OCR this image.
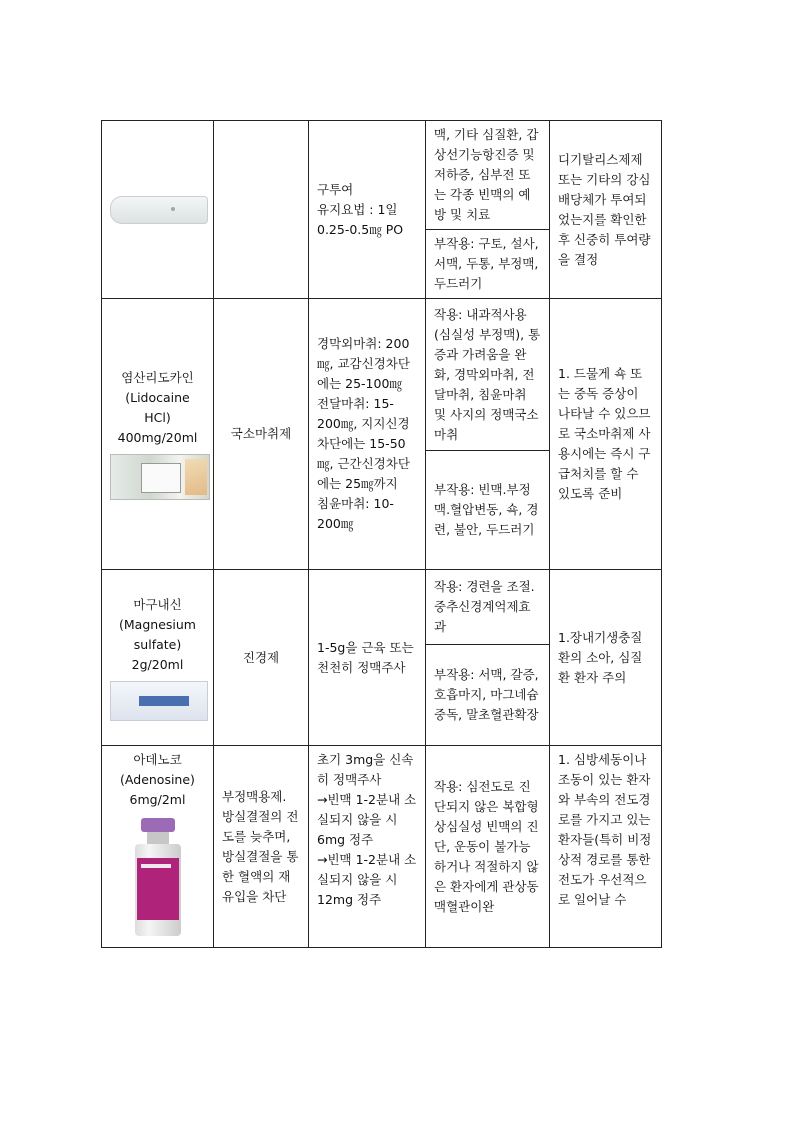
		구투여
유지요법 : 1일 0.25-0.5㎎ PO	맥, 기타 심질환, 갑상선기능항진증 및 저하증, 심부전 또는 각종 빈맥의 예방 및 치료	디기탈리스제제 또는 기타의 강심배당체가 투여되었는지를 확인한 후 신중히 투여량을 결정
			부작용: 구토, 설사, 서맥, 두통, 부정맥, 두드러기	

염산리도카인
(Lidocaine
HCl)
400mg/20ml	국소마취제	경막외마취: 200㎎, 교감신경차단에는 25-100㎎
전달마취: 15-200㎎, 지지신경차단에는 15-50㎎, 근간신경차단에는 25㎎까지
침윤마취: 10-200㎎	작용: 내과적사용(심실성 부정맥), 통증과 가려움을 완화, 경막외마취, 전달마취, 침윤마취 및 사지의 정맥국소마취	1. 드물게 쇽 또는 중독 증상이 나타날 수 있으므로 국소마취제 사용시에는 즉시 구급처치를 할 수 있도록 준비
			부작용: 빈맥.부정맥.혈압변동, 쇽, 경련, 불안, 두드러기	

마구내신
(Magnesium
sulfate)
2g/20ml	진경제	1-5g을 근육 또는 천천히 정맥주사	작용: 경련을 조절. 중추신경계억제효과	1.장내기생충질환의 소아, 심질환 환자 주의
			부작용: 서맥, 갈증, 호흡마지, 마그네슘중독, 말초혈관확장	

아데노코
(Adenosine)
6mg/2ml	부정맥용제. 방실결절의 전도를 늦추며, 방실결절을 통한 혈액의 재유입을 차단	초기 3mg을 신속히 정맥주사
→빈맥 1-2분내 소실되지 않을 시 6mg 정주
→빈맥 1-2분내 소실되지 않을 시 12mg 정주	작용: 심전도로 진단되지 않은 복합형 상심실성 빈맥의 진단, 운동이 불가능하거나 적절하지 않은 환자에게 관상동맥혈관이완	1. 심방세동이나 조동이 있는 환자와 부속의 전도경로를 가지고 있는 환자들(특히 비정상적 경로를 통한 전도가 우선적으로 일어날 수
